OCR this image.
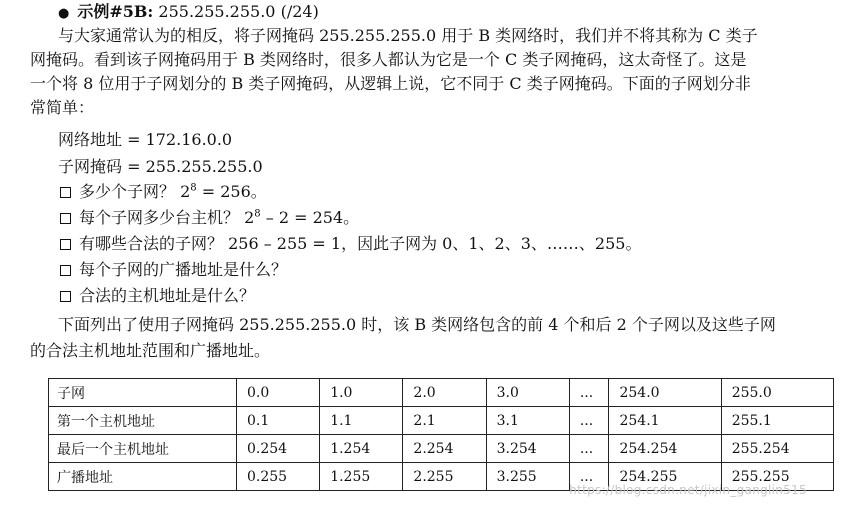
● 示例#5B: 255.255.255.0 (/24)
与大家通常认为的相反，将子网掩码 255.255.255.0 用于 B 类网络时，我们并不将其称为 C 类子
网掩码。看到该子网掩码用于 B 类网络时，很多人都认为它是一个 C 类子网掩码，这太奇怪了。这是
一个将 8 位用于子网划分的 B 类子网掩码，从逻辑上说，它不同于 C 类子网掩码。下面的子网划分非
常简单：
网络地址 = 172.16.0.0
子网掩码 = 255.255.255.0
多少个子网？ $2^8 = 256$。
每个子网多少台主机？ $2^8 - 2 = 254$。
有哪些合法的子网？ 256 – 255 = 1，因此子网为 0、1、2、3、……、255。
每个子网的广播地址是什么？
合法的主机地址是什么？
下面列出了使用子网掩码 255.255.255.0 时，该 B 类网络包含的前 4 个和后 2 个子网以及这些子网
的合法主机地址范围和广播地址。
子网	0.0	1.0	2.0	3.0	...	254.0	255.0
第一个主机地址	0.1	1.1	2.1	3.1	...	254.1	255.1
最后一个主机地址	0.254	1.254	2.254	3.254	...	254.254	255.254
广播地址	0.255	1.255	2.255	3.255	...	254.255	255.255
https://blog.csdn.net/jixin_ganglin515
